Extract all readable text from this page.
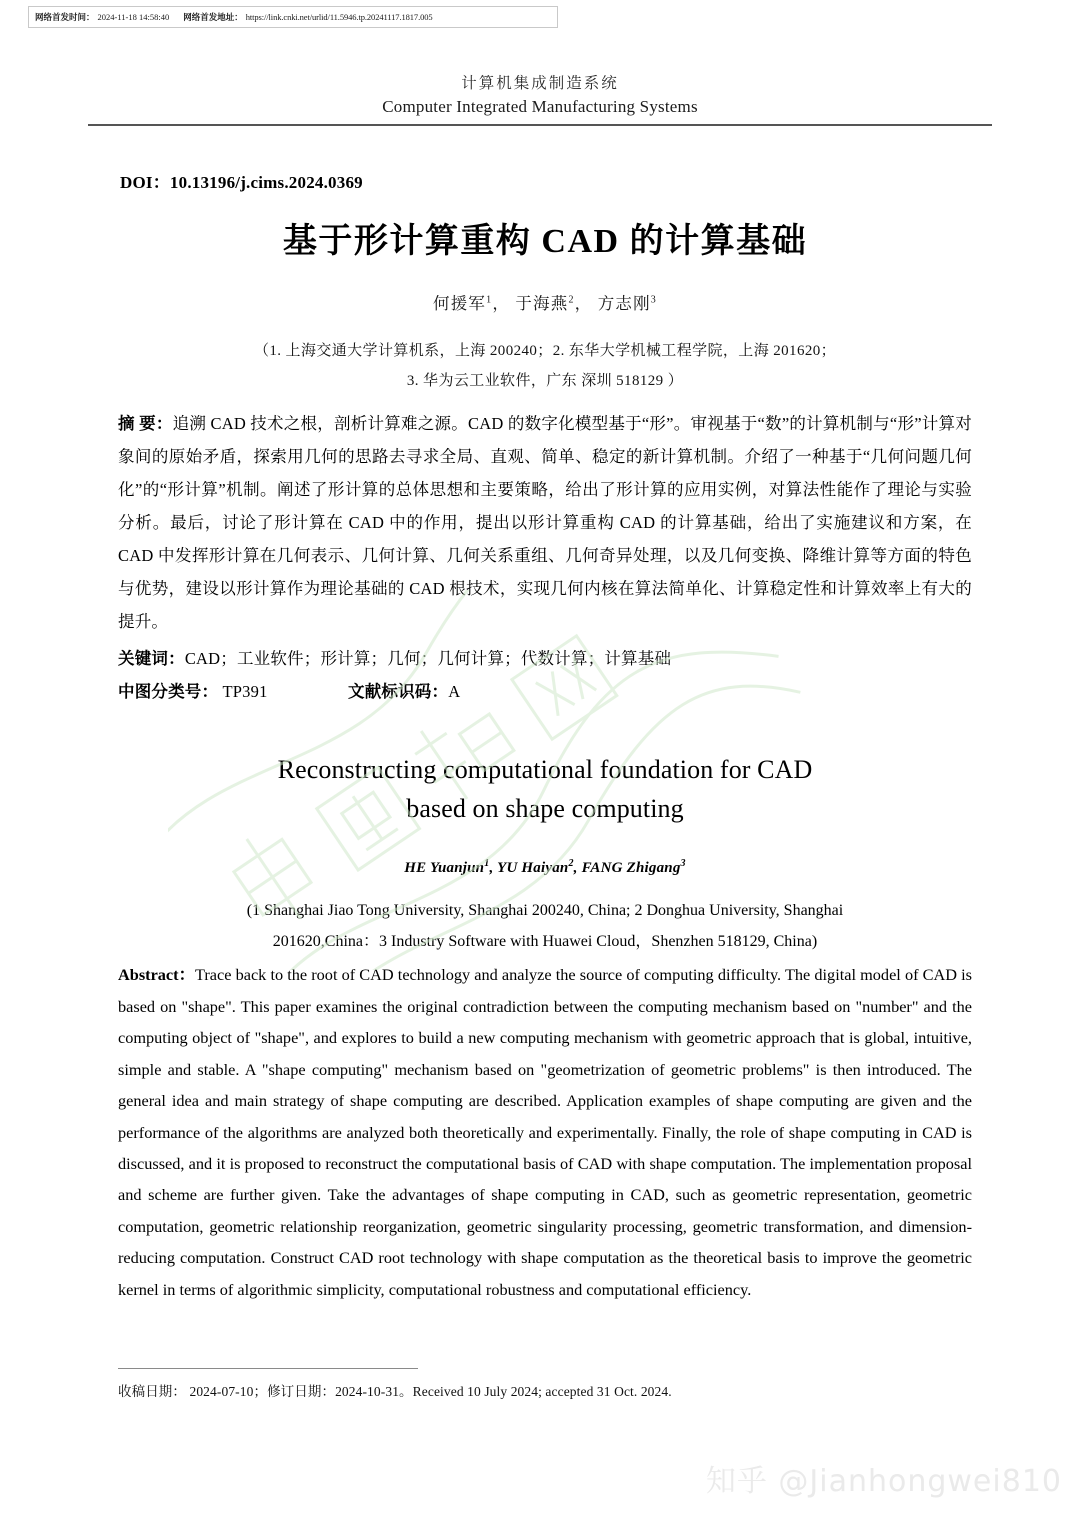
网络首发时间： 2024-11-18 14:58:40 网络首发地址： https://link.cnki.net/urlid/11.5946.tp.20241117.1817.005
计算机集成制造系统
Computer Integrated Manufacturing Systems
DOI：10.13196/j.cims.2024.0369
基于形计算重构 CAD 的计算基础
何援军$^1$， 于海燕$^2$， 方志刚$^3$
（1. 上海交通大学计算机系，上海 200240；2. 东华大学机械工程学院，上海 201620；
3. 华为云工业软件，广东 深圳 518129 ）

摘 要：追溯 CAD 技术之根，剖析计算难之源。CAD 的数字化模型基于“形”。审视基于“数”的计算机制与“形”计算对象间的原始矛盾，探索用几何的思路去寻求全局、直观、简单、稳定的新计算机制。介绍了一种基于“几何问题几何化”的“形计算”机制。阐述了形计算的总体思想和主要策略，给出了形计算的应用实例，对算法性能作了理论与实验分析。最后，讨论了形计算在 CAD 中的作用，提出以形计算重构 CAD 的计算基础，给出了实施建议和方案，在 CAD 中发挥形计算在几何表示、几何计算、几何关系重组、几何奇异处理，以及几何变换、降维计算等方面的特色与优势，建设以形计算作为理论基础的 CAD 根技术，实现几何内核在算法简单化、计算稳定性和计算效率上有大的提升。

关键词：CAD；工业软件；形计算；几何；几何计算；代数计算；计算基础

中图分类号： TP391	文献标识码：A
Reconstructing computational foundation for CAD
based on shape computing
HE Yuanjun$^1$, YU Haiyan$^2$, FANG Zhigang$^3$
(1 Shanghai Jiao Tong University, Shanghai 200240, China; 2 Donghua University, Shanghai
201620,China：3 Industry Software with Huawei Cloud，Shenzhen 518129, China)

Abstract：Trace back to the root of CAD technology and analyze the source of computing difficulty. The digital model of CAD is based on "shape". This paper examines the original contradiction between the computing mechanism based on "number" and the computing object of "shape", and explores to build a new computing mechanism with geometric approach that is global, intuitive, simple and stable. A "shape computing" mechanism based on "geometrization of geometric problems" is then introduced. The general idea and main strategy of shape computing are described. Application examples of shape computing are given and the performance of the algorithms are analyzed both theoretically and experimentally. Finally, the role of shape computing in CAD is discussed, and it is proposed to reconstruct the computational basis of CAD with shape computation. The implementation proposal and scheme are further given. Take the advantages of shape computing in CAD, such as geometric representation, geometric computation, geometric relationship reorganization, geometric singularity processing, geometric transformation, and dimension-reducing computation. Construct CAD root technology with shape computation as the theoretical basis to improve the geometric kernel in terms of algorithmic simplicity, computational robustness and computational efficiency.

收稿日期： 2024-07-10；修订日期：2024-10-31。Received 10 July 2024; accepted 31 Oct. 2024.
知乎 @Jianhongwei810
